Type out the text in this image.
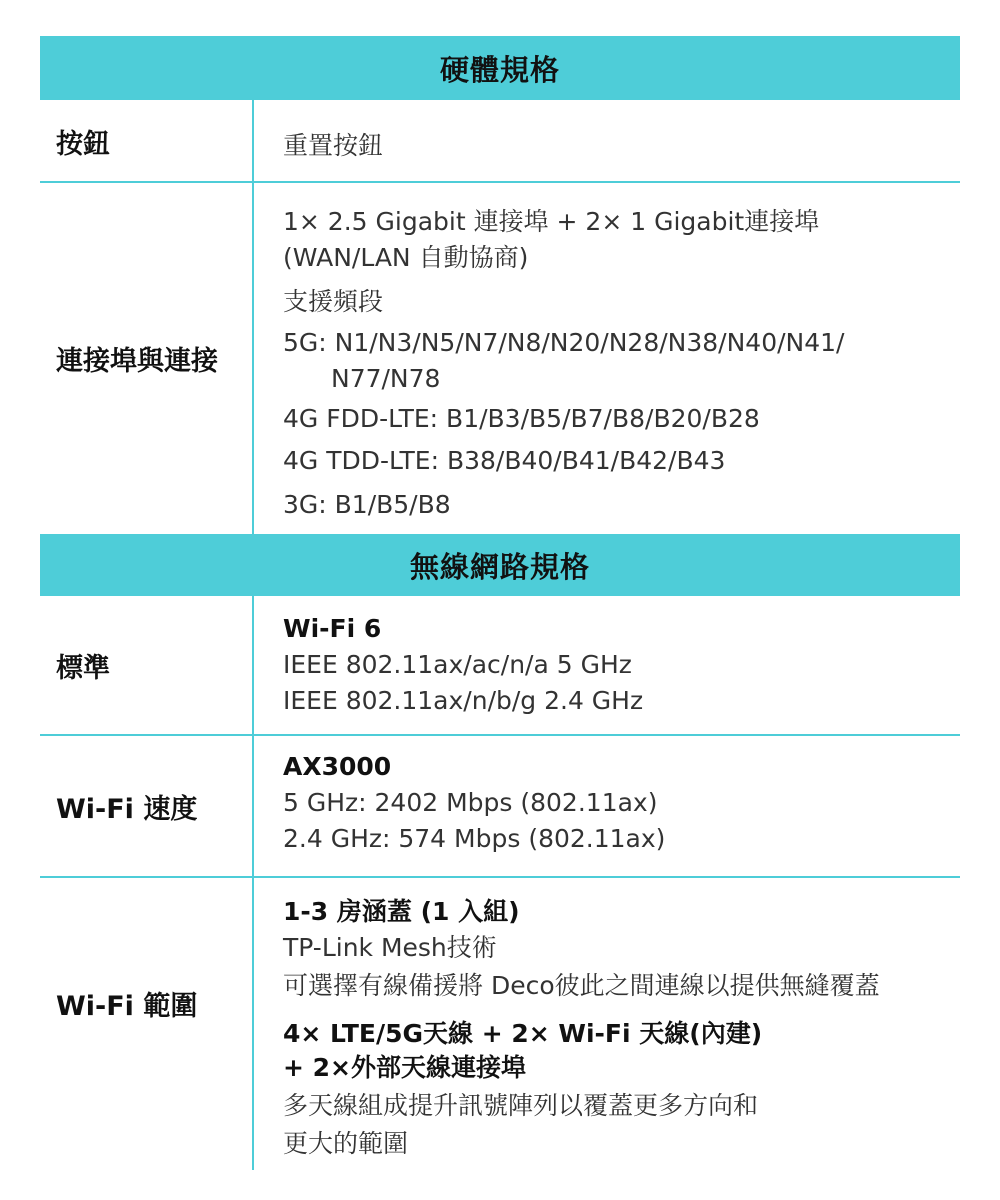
硬體規格
按鈕	重置按鈕
連接埠與連接
1× 2.5 Gigabit 連接埠 + 2× 1 Gigabit連接埠
(WAN/LAN 自動協商)
支援頻段
5G: N1/N3/N5/N7/N8/N20/N28/N38/N40/N41/
N77/N78
4G FDD-LTE: B1/B3/B5/B7/B8/B20/B28
4G TDD-LTE: B38/B40/B41/B42/B43
3G: B1/B5/B8
無線網路規格
標準
Wi-Fi 6
IEEE 802.11ax/ac/n/a 5 GHz
IEEE 802.11ax/n/b/g 2.4 GHz
Wi-Fi 速度
AX3000
5 GHz: 2402 Mbps (802.11ax)
2.4 GHz: 574 Mbps (802.11ax)
Wi-Fi 範圍
1-3 房涵蓋 (1 入組)
TP-Link Mesh技術
可選擇有線備援將 Deco彼此之間連線以提供無縫覆蓋
4× LTE/5G天線 + 2× Wi-Fi 天線(內建)
+ 2×外部天線連接埠
多天線組成提升訊號陣列以覆蓋更多方向和
更大的範圍
